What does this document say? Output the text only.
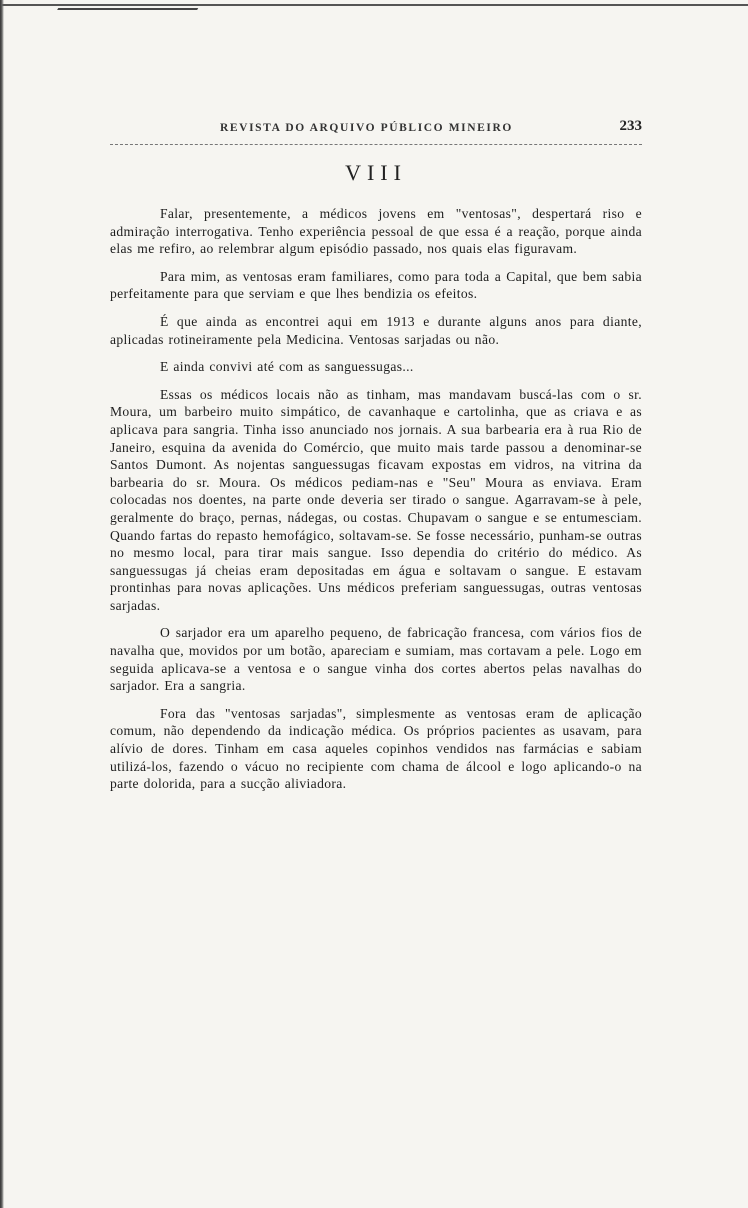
REVISTA DO ARQUIVO PÚBLICO MINEIRO	233
VIII

Falar, presentemente, a médicos jovens em "ventosas", despertará riso e admiração interrogativa. Tenho experiência pessoal de que essa é a reação, porque ainda elas me refiro, ao relembrar algum episódio passado, nos quais elas figuravam.

Para mim, as ventosas eram familiares, como para toda a Capital, que bem sabia perfeitamente para que serviam e que lhes bendizia os efeitos.

É que ainda as encontrei aqui em 1913 e durante alguns anos para diante, aplicadas rotineiramente pela Medicina. Ventosas sarjadas ou não.

E ainda convivi até com as sanguessugas...

Essas os médicos locais não as tinham, mas mandavam buscá-las com o sr. Moura, um barbeiro muito simpático, de cavanhaque e cartolinha, que as criava e as aplicava para sangria. Tinha isso anunciado nos jornais. A sua barbearia era à rua Rio de Janeiro, esquina da avenida do Comércio, que muito mais tarde passou a denominar-se Santos Dumont. As nojentas sanguessugas ficavam expostas em vidros, na vitrina da barbearia do sr. Moura. Os médicos pediam-nas e "Seu" Moura as enviava. Eram colocadas nos doentes, na parte onde deveria ser tirado o sangue. Agarravam-se à pele, geralmente do braço, pernas, nádegas, ou costas. Chupavam o sangue e se entumesciam. Quando fartas do repasto hemofágico, soltavam-se. Se fosse necessário, punham-se outras no mesmo local, para tirar mais sangue. Isso dependia do critério do médico. As sanguessugas já cheias eram depositadas em água e soltavam o sangue. E estavam prontinhas para novas aplicações. Uns médicos preferiam sanguessugas, outras ventosas sarjadas.

O sarjador era um aparelho pequeno, de fabricação francesa, com vários fios de navalha que, movidos por um botão, apareciam e sumiam, mas cortavam a pele. Logo em seguida aplicava-se a ventosa e o sangue vinha dos cortes abertos pelas navalhas do sarjador. Era a sangria.

Fora das "ventosas sarjadas", simplesmente as ventosas eram de aplicação comum, não dependendo da indicação médica. Os próprios pacientes as usavam, para alívio de dores. Tinham em casa aqueles copinhos vendidos nas farmácias e sabiam utilizá-los, fazendo o vácuo no recipiente com chama de álcool e logo aplicando-o na parte dolorida, para a sucção aliviadora.
